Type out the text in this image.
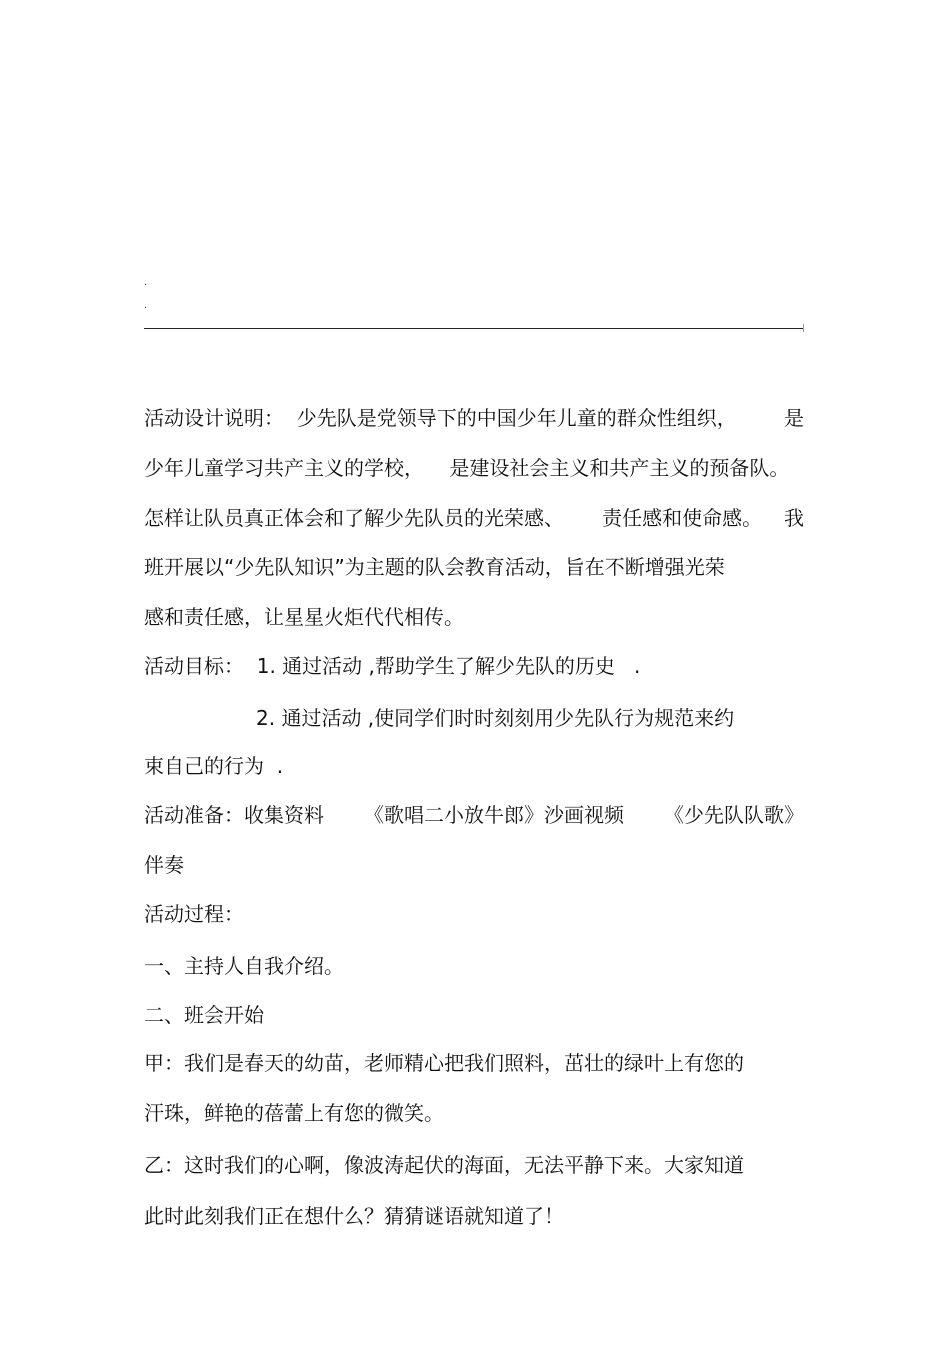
.
.
活动设计说明：  少先队是党领导下的中国少年儿童的群众性组织， 是
少年儿童学习共产主义的学校，    是建设社会主义和共产主义的预备队。
怎样让队员真正体会和了解少先队员的光荣感、      责任感和使命感。 我
班开展以“少先队知识”为主题的队会教育活动，旨在不断增强光荣
感和责任感，让星星火炬代代相传。
活动目标：  1. 通过活动 ,帮助学生了解少先队的历史   .
2. 通过活动 ,使同学们时时刻刻用少先队行为规范来约
束自己的行为  .
活动准备：收集资料 《歌唱二小放牛郎》沙画视频 《少先队队歌》
伴奏
活动过程：
一、主持人自我介绍。
二、班会开始
甲：我们是春天的幼苗，老师精心把我们照料，茁壮的绿叶上有您的
汗珠，鲜艳的蓓蕾上有您的微笑。
乙：这时我们的心啊，像波涛起伏的海面，无法平静下来。大家知道
此时此刻我们正在想什么？猜猜谜语就知道了！
